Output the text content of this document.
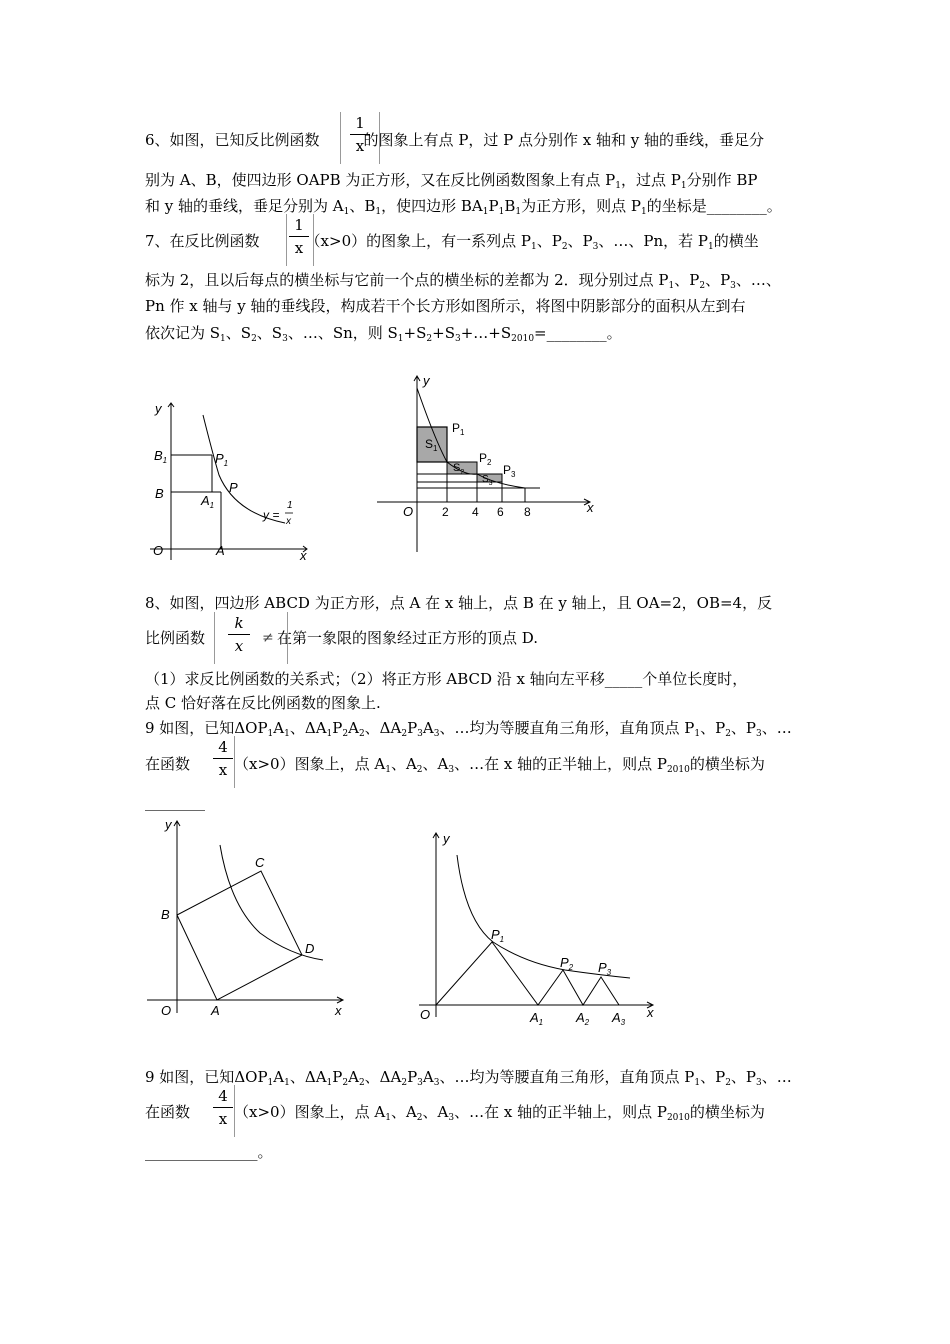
6、如图，已知反比例函数	的图象上有点 P，过 P 点分别作 x 轴和 y 轴的垂线，垂足分
1
x
别为 A、B，使四边形 OAPB 为正方形，又在反比例函数图象上有点 $P_1$，过点 $P_1$分别作 BP
和 y 轴的垂线，垂足分别为 $A_1$、$B_1$，使四边形 $BA_1P_1B_1$为正方形，则点 $P_1$的坐标是________。
7、在反比例函数	（x>0）的图象上，有一系列点 $P_1$、$P_2$、$P_3$、…、Pn，若 $P_1$的横坐
1
x
标为 2，且以后每点的横坐标与它前一个点的横坐标的差都为 2．现分别过点 $P_1$、$P_2$、$P_3$、…、
Pn 作 x 轴与 y 轴的垂线段，构成若干个长方形如图所示，将图中阴影部分的面积从左到右
依次记为 $S_1$、$S_2$、$S_3$、…、Sn，则 $S_1+S_2+S_3+\dots+S_{2010}=\_\_\_\_\_\_\_\_$。
y
x
O	A
B
$B_1$
$A_1$
P
$P_1$
y =
1
x
y
x
O 2 4 6 8
$S_1$
$S_2$
$S_3$
$P_1$
$P_2$
$P_3$
8、如图，四边形 ABCD 为正方形，点 A 在 x 轴上，点 B 在 y 轴上，且 OA=2，OB=4，反
比例函数	在第一象限的图象经过正方形的顶点 D.
k
x	≠
（1）求反比例函数的关系式；（2）将正方形 ABCD 沿 x 轴向左平移_____个单位长度时，
点 C 恰好落在反比例函数的图象上.
9 如图，已知$\Delta OP_1A_1$、$\Delta A_1P_2A_2$、$\Delta A_2P_3A_3$、…均为等腰直角三角形，直角顶点 $P_1$、$P_2$、$P_3$、…
在函数	（x>0）图象上，点 $A_1$、$A_2$、$A_3$、…在 x 轴的正半轴上，则点 $P_{2010}$的横坐标为
4
x
________
y
x
O	A
B
C
D
y
x
O
$P_1$
$P_2$ $P_3$
$A_1$	$A_2$ $A_3$
9 如图，已知$\Delta OP_1A_1$、$\Delta A_1P_2A_2$、$\Delta A_2P_3A_3$、…均为等腰直角三角形，直角顶点 $P_1$、$P_2$、$P_3$、…
在函数	（x>0）图象上，点 $A_1$、$A_2$、$A_3$、…在 x 轴的正半轴上，则点 $P_{2010}$的横坐标为
4
x
_______________。
